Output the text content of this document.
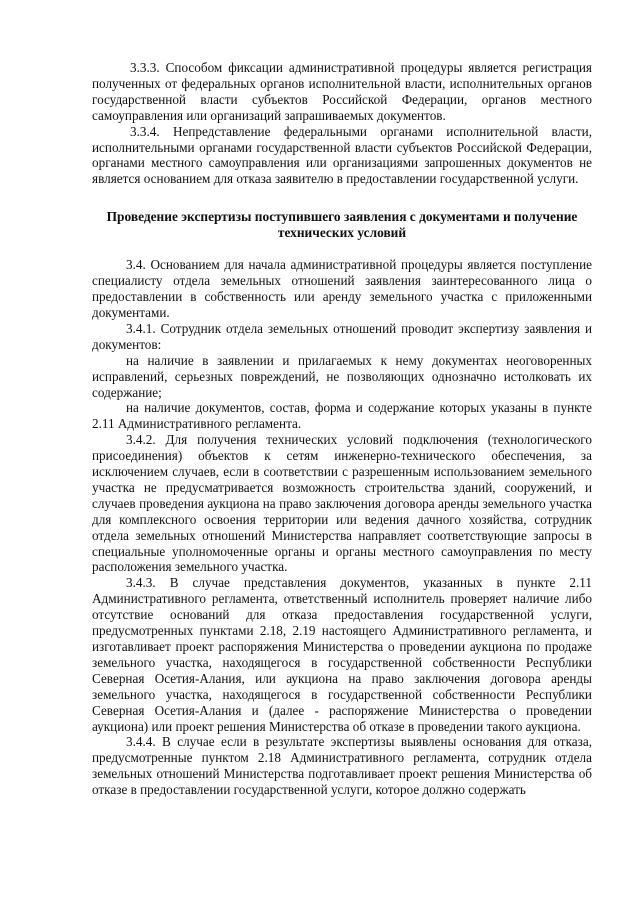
3.3.3. Способом фиксации административной процедуры является регистрация полученных от федеральных органов исполнительной власти, исполнительных органов государственной власти субъектов Российской Федерации, органов местного самоуправления или организаций запрашиваемых документов.

3.3.4. Непредставление федеральными органами исполнительной власти, исполнительными органами государственной власти субъектов Российской Федерации, органами местного самоуправления или организациями запрошенных документов не является основанием для отказа заявителю в предоставлении государственной услуги.

Проведение экспертизы поступившего заявления с документами и получение технических условий

3.4. Основанием для начала административной процедуры является поступление специалисту отдела земельных отношений заявления заинтересованного лица о предоставлении в собственность или аренду земельного участка с приложенными документами.

3.4.1. Сотрудник отдела земельных отношений проводит экспертизу заявления и документов:

на наличие в заявлении и прилагаемых к нему документах неоговоренных исправлений, серьезных повреждений, не позволяющих однозначно истолковать их содержание;

на наличие документов, состав, форма и содержание которых указаны в пункте 2.11 Административного регламента.

3.4.2. Для получения технических условий подключения (технологического присоединения) объектов к сетям инженерно-технического обеспечения, за исключением случаев, если в соответствии с разрешенным использованием земельного участка не предусматривается возможность строительства зданий, сооружений, и случаев проведения аукциона на право заключения договора аренды земельного участка для комплексного освоения территории или ведения дачного хозяйства, сотрудник отдела земельных отношений Министерства направляет соответствующие запросы в специальные уполномоченные органы и органы местного самоуправления по месту расположения земельного участка.

3.4.3. В случае представления документов, указанных в пункте 2.11 Административного регламента, ответственный исполнитель проверяет наличие либо отсутствие оснований для отказа предоставления государственной услуги, предусмотренных пунктами 2.18, 2.19 настоящего Административного регламента, и изготавливает проект распоряжения Министерства о проведении аукциона по продаже земельного участка, находящегося в государственной собственности Республики Северная Осетия-Алания, или аукциона на право заключения договора аренды земельного участка, находящегося в государственной собственности Республики Северная Осетия-Алания и (далее - распоряжение Министерства о проведении аукциона) или проект решения Министерства об отказе в проведении такого аукциона.

3.4.4. В случае если в результате экспертизы выявлены основания для отказа, предусмотренные пунктом 2.18 Административного регламента, сотрудник отдела земельных отношений Министерства подготавливает проект решения Министерства об отказе в предоставлении государственной услуги, которое должно содержать
